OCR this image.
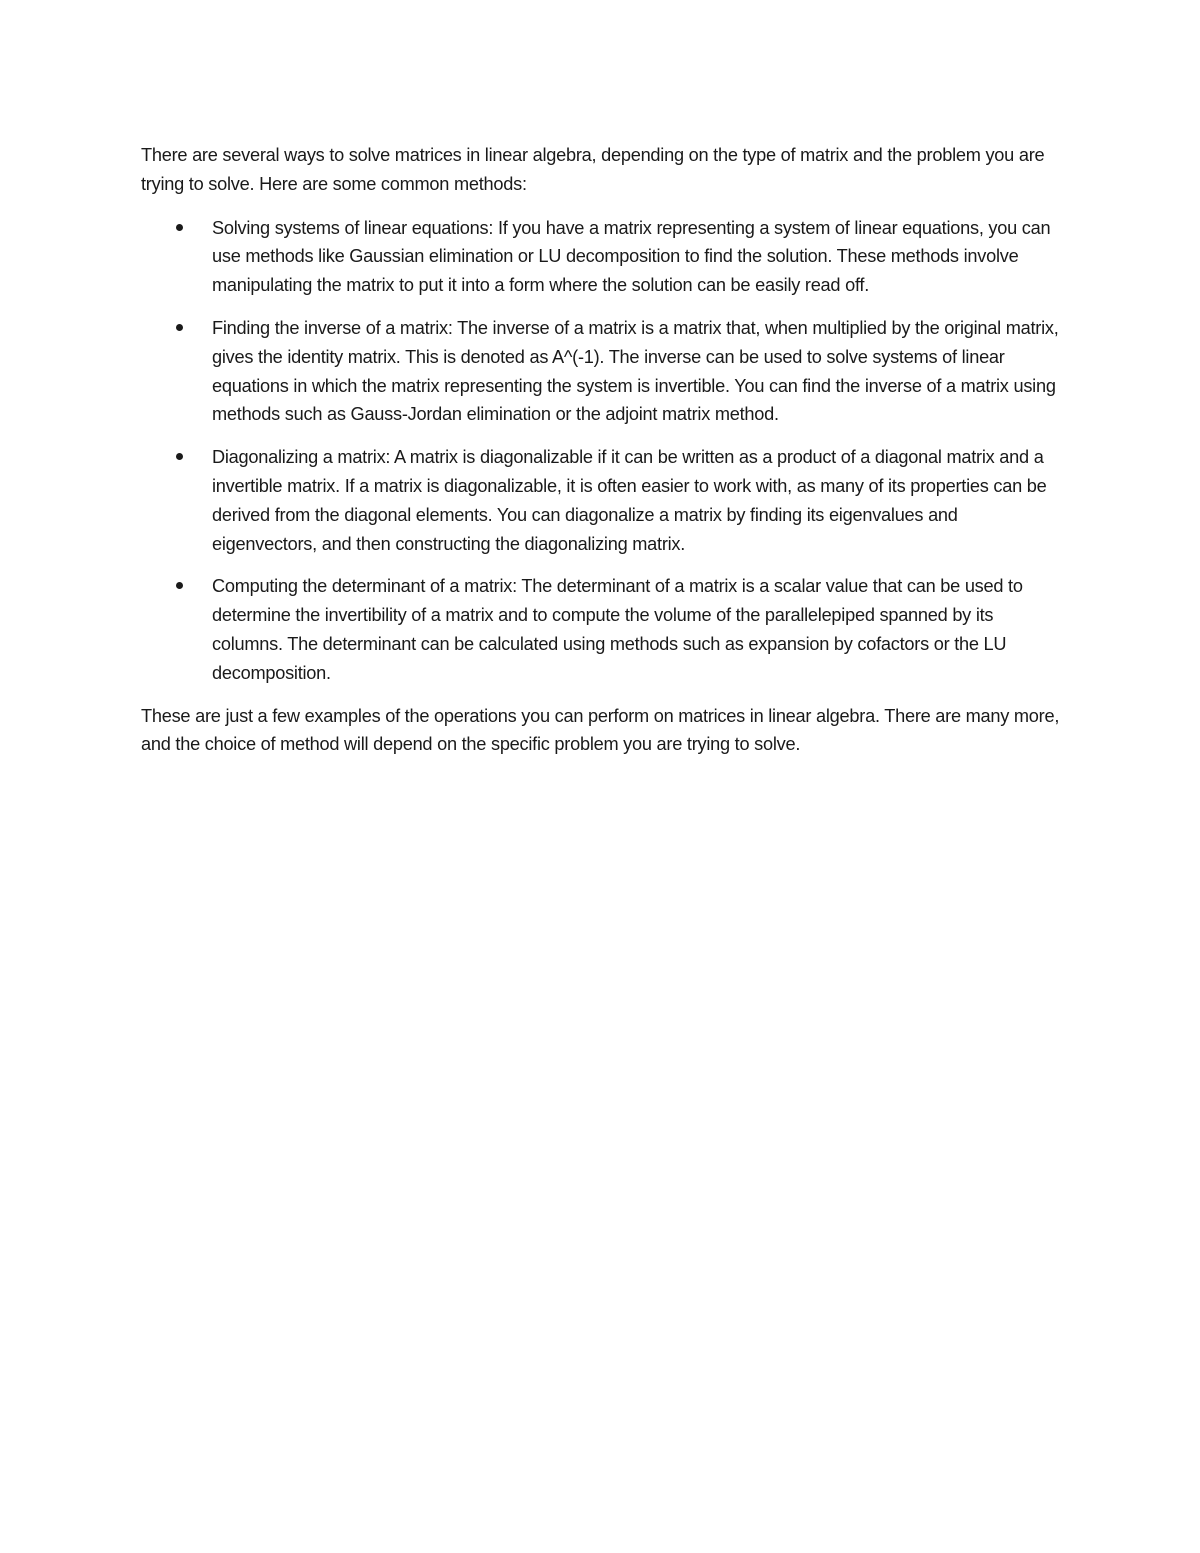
There are several ways to solve matrices in linear algebra, depending on the type of matrix and the problem you are trying to solve. Here are some common methods:

Solving systems of linear equations: If you have a matrix representing a system of linear equations, you can use methods like Gaussian elimination or LU decomposition to find the solution. These methods involve manipulating the matrix to put it into a form where the solution can be easily read off.
Finding the inverse of a matrix: The inverse of a matrix is a matrix that, when multiplied by the original matrix, gives the identity matrix. This is denoted as A^(-1). The inverse can be used to solve systems of linear equations in which the matrix representing the system is invertible. You can find the inverse of a matrix using methods such as Gauss-Jordan elimination or the adjoint matrix method.
Diagonalizing a matrix: A matrix is diagonalizable if it can be written as a product of a diagonal matrix and a invertible matrix. If a matrix is diagonalizable, it is often easier to work with, as many of its properties can be derived from the diagonal elements. You can diagonalize a matrix by finding its eigenvalues and eigenvectors, and then constructing the diagonalizing matrix.
Computing the determinant of a matrix: The determinant of a matrix is a scalar value that can be used to determine the invertibility of a matrix and to compute the volume of the parallelepiped spanned by its columns. The determinant can be calculated using methods such as expansion by cofactors or the LU decomposition.

These are just a few examples of the operations you can perform on matrices in linear algebra. There are many more, and the choice of method will depend on the specific problem you are trying to solve.
